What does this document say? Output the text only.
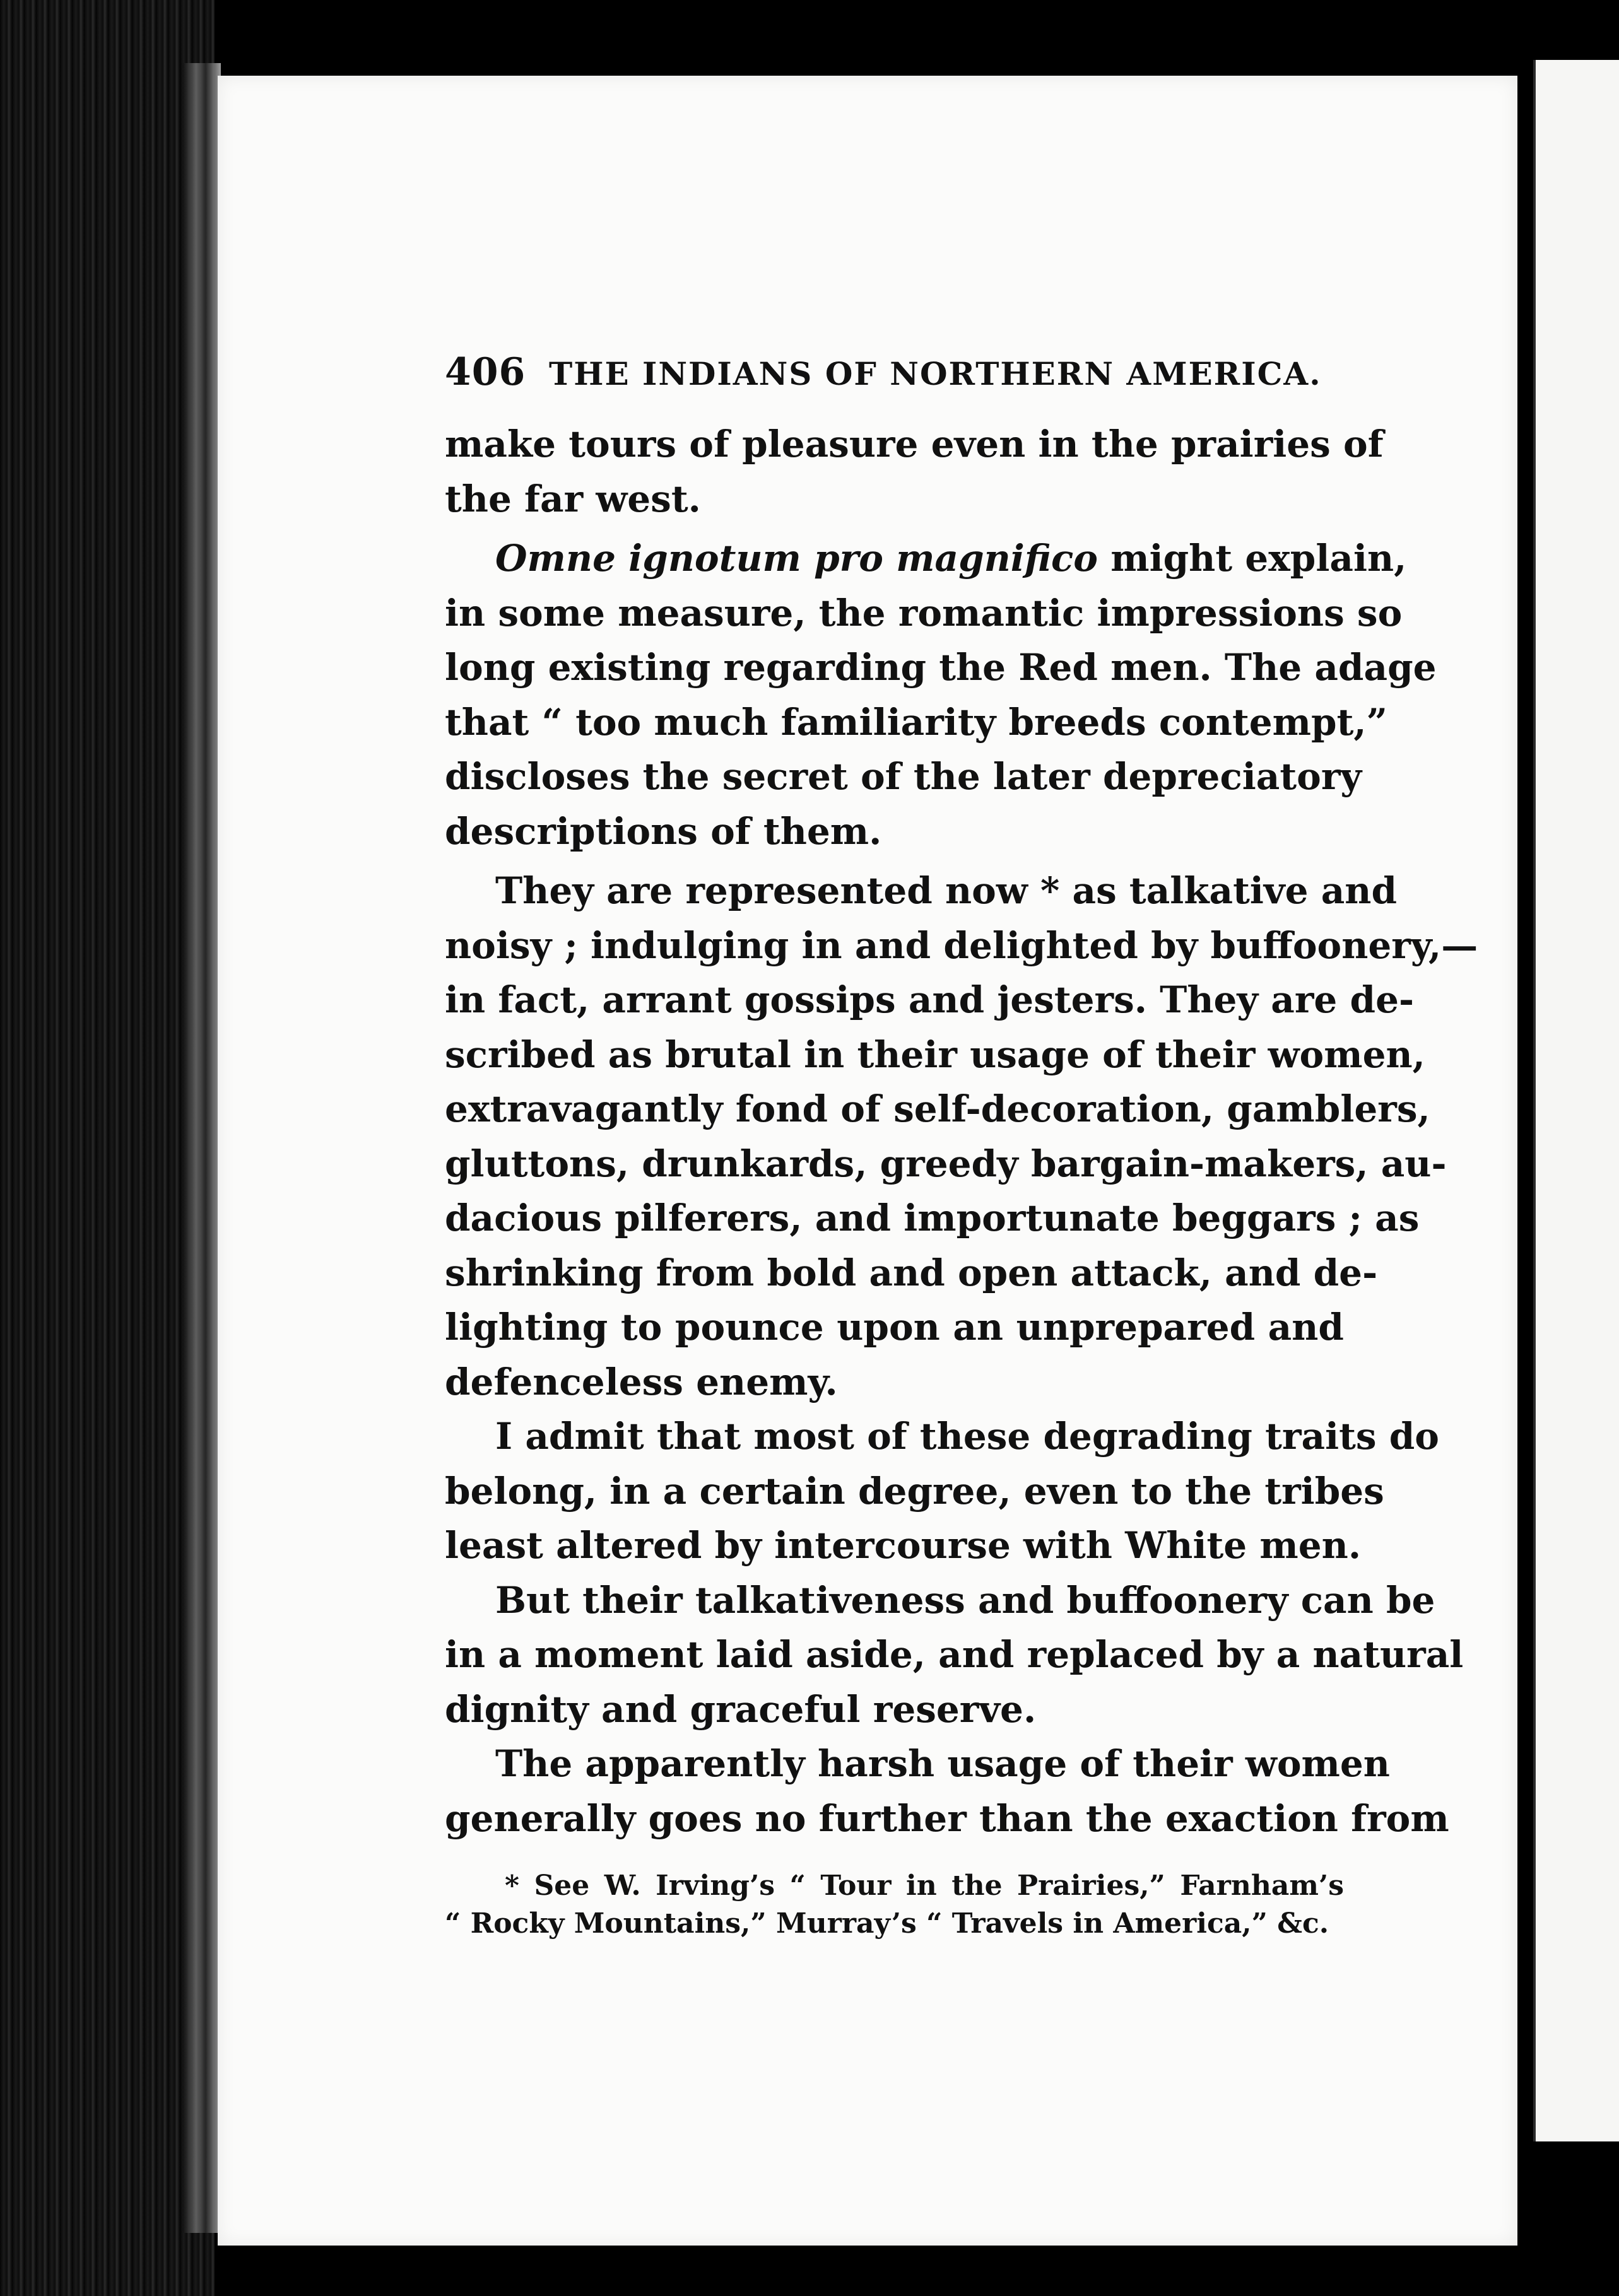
406 THE INDIANS OF NORTHERN AMERICA.
make tours of pleasure even in the prairies of
the far west.
Omne ignotum pro magnifico might explain,
in some measure, the romantic impressions so
long existing regarding the Red men. The adage
that “ too much familiarity breeds contempt,”
discloses the secret of the later depreciatory
descriptions of them.
They are represented now * as talkative and
noisy ; indulging in and delighted by buffoonery,—
in fact, arrant gossips and jesters. They are de-
scribed as brutal in their usage of their women,
extravagantly fond of self-decoration, gamblers,
gluttons, drunkards, greedy bargain-makers, au-
dacious pilferers, and importunate beggars ; as
shrinking from bold and open attack, and de-
lighting to pounce upon an unprepared and
defenceless enemy.
I admit that most of these degrading traits do
belong, in a certain degree, even to the tribes
least altered by intercourse with White men.
But their talkativeness and buffoonery can be
in a moment laid aside, and replaced by a natural
dignity and graceful reserve.
The apparently harsh usage of their women
generally goes no further than the exaction from
* See W. Irving’s “ Tour in the Prairies,” Farnham’s
“ Rocky Mountains,” Murray’s “ Travels in America,” &c.
